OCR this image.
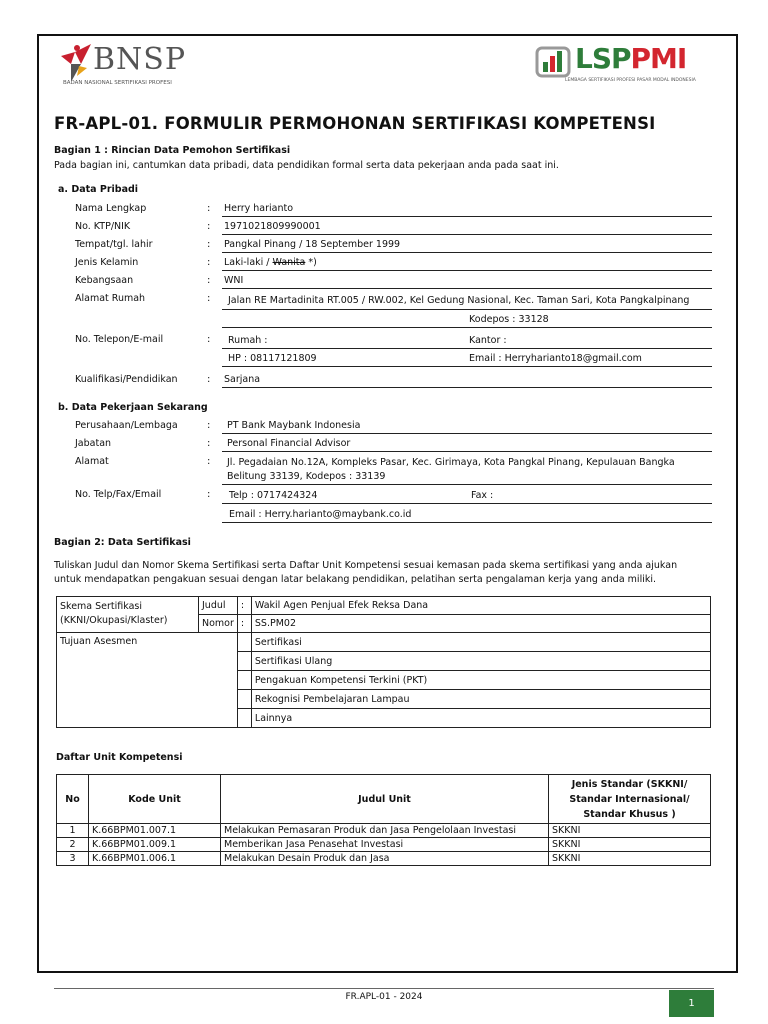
BNSP
BADAN NASIONAL SERTIFIKASI PROFESI
LSPPMI
LEMBAGA SERTIFIKASI PROFESI PASAR MODAL INDONESIA
FR-APL-01. FORMULIR PERMOHONAN SERTIFIKASI KOMPETENSI
Bagian 1 : Rincian Data Pemohon Sertifikasi
Pada bagian ini, cantumkan data pribadi, data pendidikan formal serta data pekerjaan anda pada saat ini.
a. Data Pribadi
Nama Lengkap	: Herry harianto
No. KTP/NIK	: 1971021809990001
Tempat/tgl. lahir	: Pangkal Pinang / 18 September 1999
Jenis Kelamin	: Laki-laki / Wanita *)
Kebangsaan	: WNI
Alamat Rumah	: Jalan RE Martadinita RT.005 / RW.002, Kel Gedung Nasional, Kec. Taman Sari, Kota Pangkalpinang
Kodepos : 33128
No. Telepon/E-mail	: Rumah :	Kantor :
HP : 08117121809	Email : Herryharianto18@gmail.com
Kualifikasi/Pendidikan	: Sarjana
b. Data Pekerjaan Sekarang
Perusahaan/Lembaga	: PT Bank Maybank Indonesia
Jabatan	: Personal Financial Advisor
Alamat	: Jl. Pegadaian No.12A, Kompleks Pasar, Kec. Girimaya, Kota Pangkal Pinang, Kepulauan Bangka
Belitung 33139, Kodepos : 33139
No. Telp/Fax/Email	: Telp : 0717424324	Fax :
Email : Herry.harianto@maybank.co.id
Bagian 2: Data Sertifikasi
Tuliskan Judul dan Nomor Skema Sertifikasi serta Daftar Unit Kompetensi sesuai kemasan pada skema sertifikasi yang anda ajukan
untuk mendapatkan pengakuan sesuai dengan latar belakang pendidikan, pelatihan serta pengalaman kerja yang anda miliki.
Skema Sertifikasi
(KKNI/Okupasi/Klaster)	Judul	:	Wakil Agen Penjual Efek Reksa Dana
	Nomor	:	SS.PM02
Tujuan Asesmen			Sertifikasi
			Sertifikasi Ulang
			Pengakuan Kompetensi Terkini (PKT)
			Rekognisi Pembelajaran Lampau
			Lainnya
Daftar Unit Kompetensi
No	Kode Unit	Judul Unit	Jenis Standar (SKKNI/
Standar Internasional/
Standar Khusus )

1	K.66BPM01.007.1	Melakukan Pemasaran Produk dan Jasa Pengelolaan Investasi	SKKNI
2	K.66BPM01.009.1	Memberikan Jasa Penasehat Investasi	SKKNI
3	K.66BPM01.006.1	Melakukan Desain Produk dan Jasa	SKKNI
FR.APL-01 - 2024
1
